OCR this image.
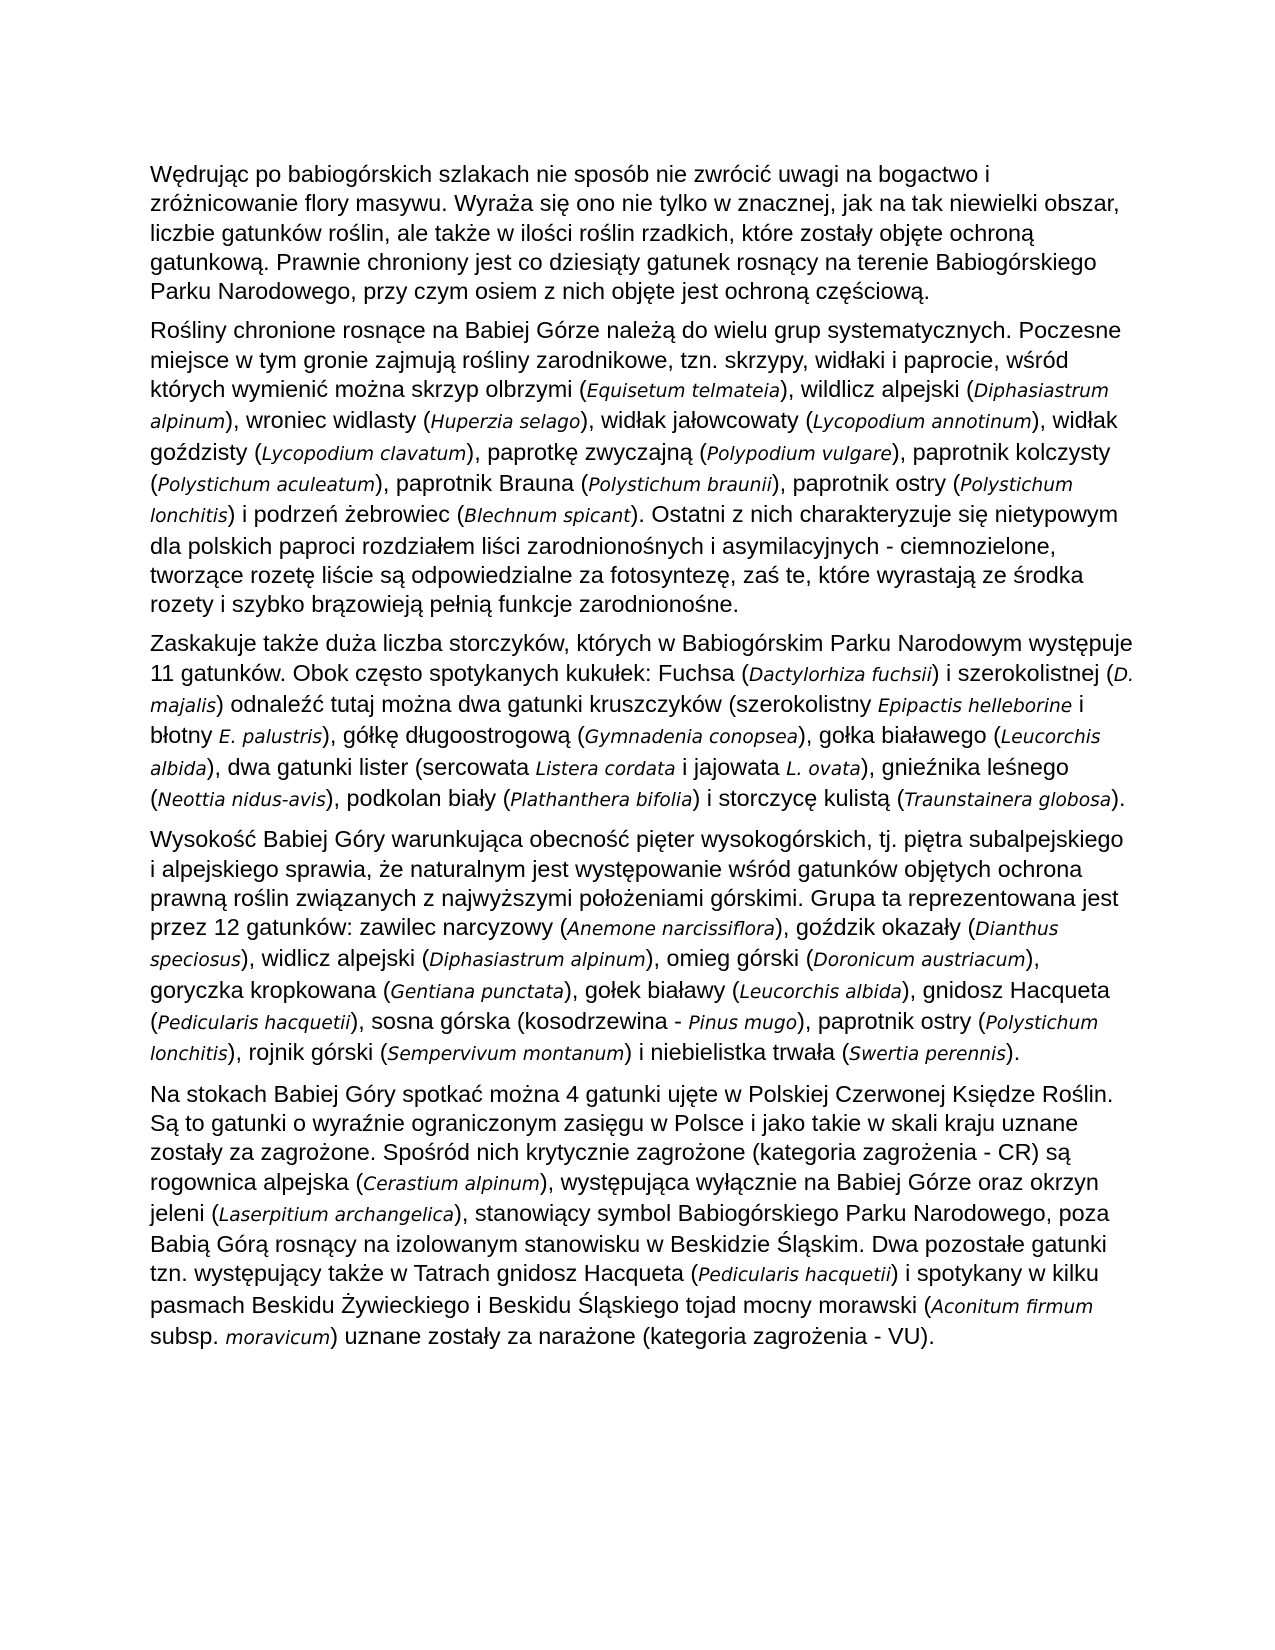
Wędrując po babiogórskich szlakach nie sposób nie zwrócić uwagi na bogactwo i zróżnicowanie flory masywu. Wyraża się ono nie tylko w znacznej, jak na tak niewielki obszar, liczbie gatunków roślin, ale także w ilości roślin rzadkich, które zostały objęte ochroną gatunkową. Prawnie chroniony jest co dziesiąty gatunek rosnący na terenie Babiogórskiego Parku Narodowego, przy czym osiem z nich objęte jest ochroną częściową.

Rośliny chronione rosnące na Babiej Górze należą do wielu grup systematycznych. Poczesne miejsce w tym gronie zajmują rośliny zarodnikowe, tzn. skrzypy, widłaki i paprocie, wśród których wymienić można skrzyp olbrzymi (Equisetum telmateia), wildlicz alpejski (Diphasiastrum alpinum), wroniec widlasty (Huperzia selago), widłak jałowcowaty (Lycopodium annotinum), widłak goździsty (Lycopodium clavatum), paprotkę zwyczajną (Polypodium vulgare), paprotnik kolczysty (Polystichum aculeatum), paprotnik Brauna (Polystichum braunii), paprotnik ostry (Polystichum lonchitis) i podrzeń żebrowiec (Blechnum spicant). Ostatni z nich charakteryzuje się nietypowym dla polskich paproci rozdziałem liści zarodnionośnych i asymilacyjnych - ciemnozielone, tworzące rozetę liście są odpowiedzialne za fotosyntezę, zaś te, które wyrastają ze środka rozety i szybko brązowieją pełnią funkcje zarodnionośne.

Zaskakuje także duża liczba storczyków, których w Babiogórskim Parku Narodowym występuje 11 gatunków. Obok często spotykanych kukułek: Fuchsa (Dactylorhiza fuchsii) i szerokolistnej (D. majalis) odnaleźć tutaj można dwa gatunki kruszczyków (szerokolistny Epipactis helleborine i błotny E. palustris), gółkę długoostrogową (Gymnadenia conopsea), gołka białawego (Leucorchis albida), dwa gatunki lister (sercowata Listera cordata i jajowata L. ovata), gnieźnika leśnego (Neottia nidus-avis), podkolan biały (Plathanthera bifolia) i storczycę kulistą (Traunstainera globosa).

Wysokość Babiej Góry warunkująca obecność pięter wysokogórskich, tj. piętra subalpejskiego i alpejskiego sprawia, że naturalnym jest występowanie wśród gatunków objętych ochrona prawną roślin związanych z najwyższymi położeniami górskimi. Grupa ta reprezentowana jest przez 12 gatunków: zawilec narcyzowy (Anemone narcissiflora), goździk okazały (Dianthus speciosus), widlicz alpejski (Diphasiastrum alpinum), omieg górski (Doronicum austriacum), goryczka kropkowana (Gentiana punctata), gołek białawy (Leucorchis albida), gnidosz Hacqueta (Pedicularis hacquetii), sosna górska (kosodrzewina - Pinus mugo), paprotnik ostry (Polystichum lonchitis), rojnik górski (Sempervivum montanum) i niebielistka trwała (Swertia perennis).

Na stokach Babiej Góry spotkać można 4 gatunki ujęte w Polskiej Czerwonej Księdze Roślin. Są to gatunki o wyraźnie ograniczonym zasięgu w Polsce i jako takie w skali kraju uznane zostały za zagrożone. Spośród nich krytycznie zagrożone (kategoria zagrożenia - CR) są rogownica alpejska (Cerastium alpinum), występująca wyłącznie na Babiej Górze oraz okrzyn jeleni (Laserpitium archangelica), stanowiący symbol Babiogórskiego Parku Narodowego, poza Babią Górą rosnący na izolowanym stanowisku w Beskidzie Śląskim. Dwa pozostałe gatunki tzn. występujący także w Tatrach gnidosz Hacqueta (Pedicularis hacquetii) i spotykany w kilku pasmach Beskidu Żywieckiego i Beskidu Śląskiego tojad mocny morawski (Aconitum firmum subsp. moravicum) uznane zostały za narażone (kategoria zagrożenia - VU).
